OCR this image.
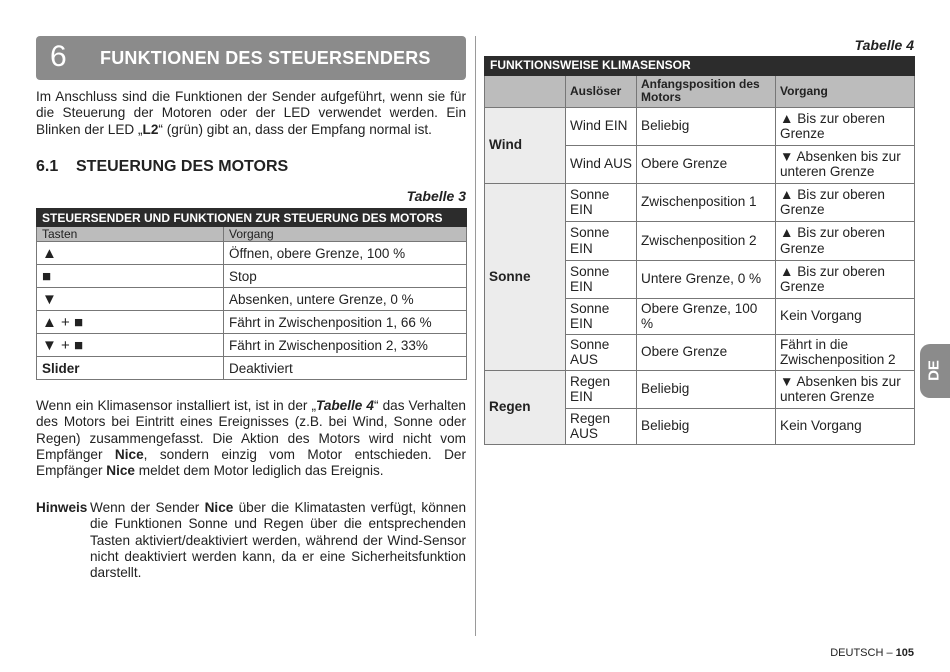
6 FUNKTIONEN DES STEUERSENDERS

Im Anschluss sind die Funktionen der Sender aufgeführt, wenn sie für die Steuerung der Motoren oder der LED verwendet werden. Ein Blinken der LED „L2“ (grün) gibt an, dass der Empfang normal ist.

6.1 STEUERUNG DES MOTORS
Tabelle 3
STEUERSENDER UND FUNKTIONEN ZUR STEUERUNG DES MOTORS	
Tasten	Vorgang
▲	Öffnen, obere Grenze, 100 %
■	Stop
▼	Absenken, untere Grenze, 0 %
▲ + ■	Fährt in Zwischenposition 1, 66 %
▼ + ■	Fährt in Zwischenposition 2, 33%
Slider	Deaktiviert

Wenn ein Klimasensor installiert ist, ist in der „Tabelle 4“ das Verhalten des Motors bei Eintritt eines Ereignisses (z.B. bei Wind, Sonne oder Regen) zusammengefasst. Die Aktion des Motors wird nicht vom Empfänger Nice, sondern einzig vom Motor entschieden. Der Empfänger Nice meldet dem Motor lediglich das Ereignis.

Hinweis Wenn der Sender Nice über die Klimatasten verfügt, können die Funktionen Sonne und Regen über die entsprechenden Tasten aktiviert/deaktiviert werden, während der Wind-Sensor nicht deaktiviert werden kann, da er eine Sicherheitsfunktion darstellt.

Tabelle 4
FUNKTIONSWEISE KLIMASENSOR			
	Auslöser	Anfangsposition des Motors	Vorgang
Wind	Wind EIN	Beliebig	▲ Bis zur oberen Grenze
	Wind AUS	Obere Grenze	▼ Absenken bis zur unteren Grenze
Sonne	Sonne EIN	Zwischenposition 1	▲ Bis zur oberen Grenze
	Sonne EIN	Zwischenposition 2	▲ Bis zur oberen Grenze
	Sonne EIN	Untere Grenze, 0 %	▲ Bis zur oberen Grenze
	Sonne EIN	Obere Grenze, 100 %	Kein Vorgang
	Sonne AUS	Obere Grenze	Fährt in die Zwischenposition 2
Regen	Regen EIN	Beliebig	▼ Absenken bis zur unteren Grenze
	Regen AUS	Beliebig	Kein Vorgang
DE
DEUTSCH – 105
